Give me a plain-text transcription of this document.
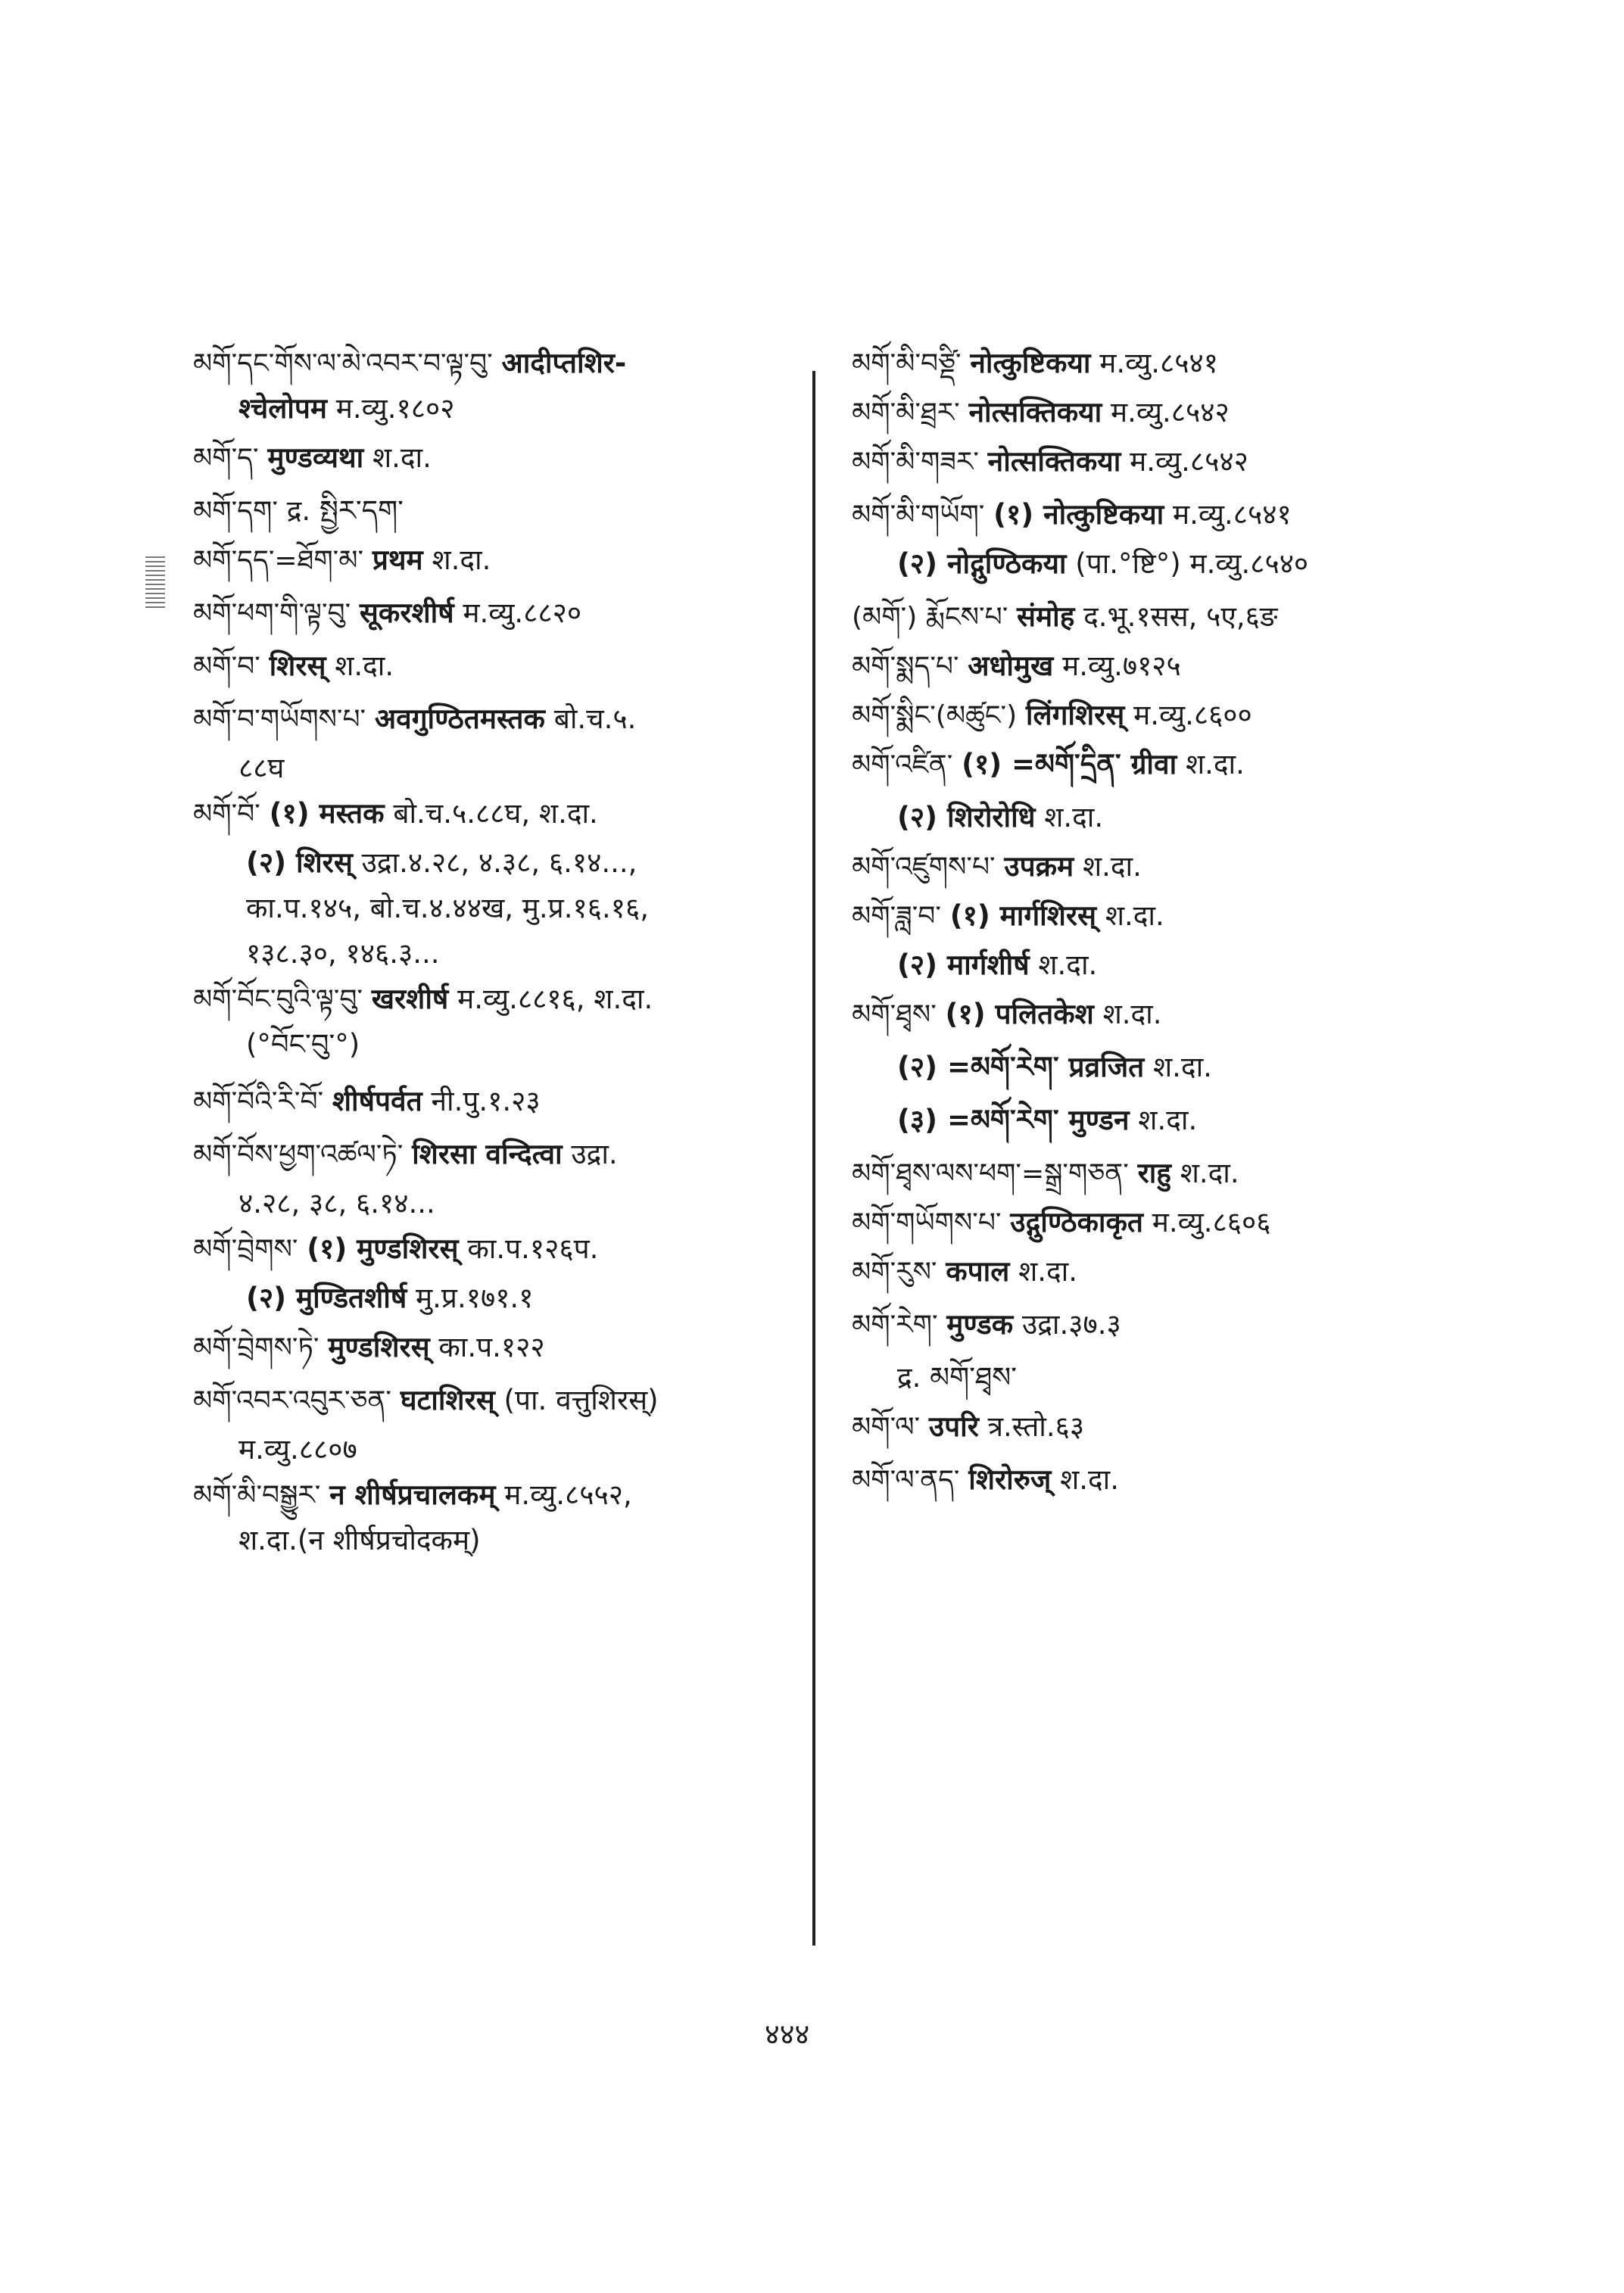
མགོ་དང་གོས་ལ་མེ་འབར་བ་ལྟ་བུ་ आदीप्तशिर-
श्चेलोपम म.व्यु.१८०२
མགོ་ད་ मुण्डव्यथा श.दा.
མགོ་དག་ द्र. སྤྱིར་དག་
མགོ་དད་=ཐོག་མ་ प्रथम श.दा.
མགོ་ཕག་གི་ལྟ་བུ་ सूकरशीर्ष म.व्यु.८८२०
མགོ་བ་ शिरस् श.दा.
མགོ་བ་གཡོགས་པ་ अवगुण्ठितमस्तक बो.च.५.
८८घ
མགོ་བོ་ (१) मस्तक बो.च.५.८८घ, श.दा.
(२) शिरस् उद्रा.४.२८, ४.३८, ६.१४...,
का.प.१४५, बो.च.४.४४ख, मु.प्र.१६.१६,
१३८.३०, १४६.३...
མགོ་བོང་བུའི་ལྟ་བུ་ खरशीर्ष म.व्यु.८८१६, श.दा.
(°བོང་བུ་°)
མགོ་བོའི་རི་བོ་ शीर्षपर्वत नी.पु.१.२३
མགོ་བོས་ཕྱག་འཚལ་ཏེ་ शिरसा वन्दित्वा उद्रा.
४.२८, ३८, ६.१४...
མགོ་བྲེགས་ (१) मुण्डशिरस् का.प.१२६प.
(२) मुण्डितशीर्ष मु.प्र.१७१.१
མགོ་བྲེགས་ཏེ་ मुण्डशिरस् का.प.१२२
མགོ་འབར་འབུར་ཅན་ घटाशिरस् (पा. वत्तुशिरस्)
म.व्यु.८८०७
མགོ་མི་བསྒྱུར་ न शीर्षप्रचालकम् म.व्यु.८५५२,
श.दा.(न शीर्षप्रचोदकम्)
མགོ་མི་བཙྡི་ नोत्कुष्टिकया म.व्यु.८५४१
མགོ་མི་ཐྲར་ नोत्सक्तिकया म.व्यु.८५४२
མགོ་མི་གཟར་ नोत्सक्तिकया म.व्यु.८५४२
མགོ་མི་གཡོག་ (१) नोत्कुष्टिकया म.व्यु.८५४१
(२) नोद्गुण्ठिकया (पा.°ष्टि°) म.व्यु.८५४०
(མགོ་) རྨོངས་པ་ संमोह द.भू.१सस, ५ए,६ङ
མགོ་སྨད་པ་ अधोमुख म.व्यु.७१२५
མགོ་སྨིང་(མཚུང་) लिंगशिरस् म.व्यु.८६००
མགོ་འཛིན་ (१) =མགོ་དྲིན་ ग्रीवा श.दा.
(२) शिरोरोधि श.दा.
མགོ་འཛུགས་པ་ उपक्रम श.दा.
མགོ་ཟླ་བ་ (१) मार्गशिरस् श.दा.
(२) मार्गशीर्ष श.दा.
མགོ་ཐྭས་ (१) पलितकेश श.दा.
(२) =མགོ་རེག་ प्रव्रजित श.दा.
(३) =མགོ་རེག་ मुण्डन श.दा.
མགོ་ཐྭས་ལས་ཕག་=སྒྲ་གཅན་ राहु श.दा.
མགོ་གཡོགས་པ་ उद्गुण्ठिकाकृत म.व्यु.८६०६
མགོ་རུས་ कपाल श.दा.
མགོ་རེག་ मुण्डक उद्रा.३७.३
द्र. མགོ་ཐྭས་
མགོ་ལ་ उपरि त्र.स्तो.६३
མགོ་ལ་ནད་ शिरोरुज् श.दा.
४४४
